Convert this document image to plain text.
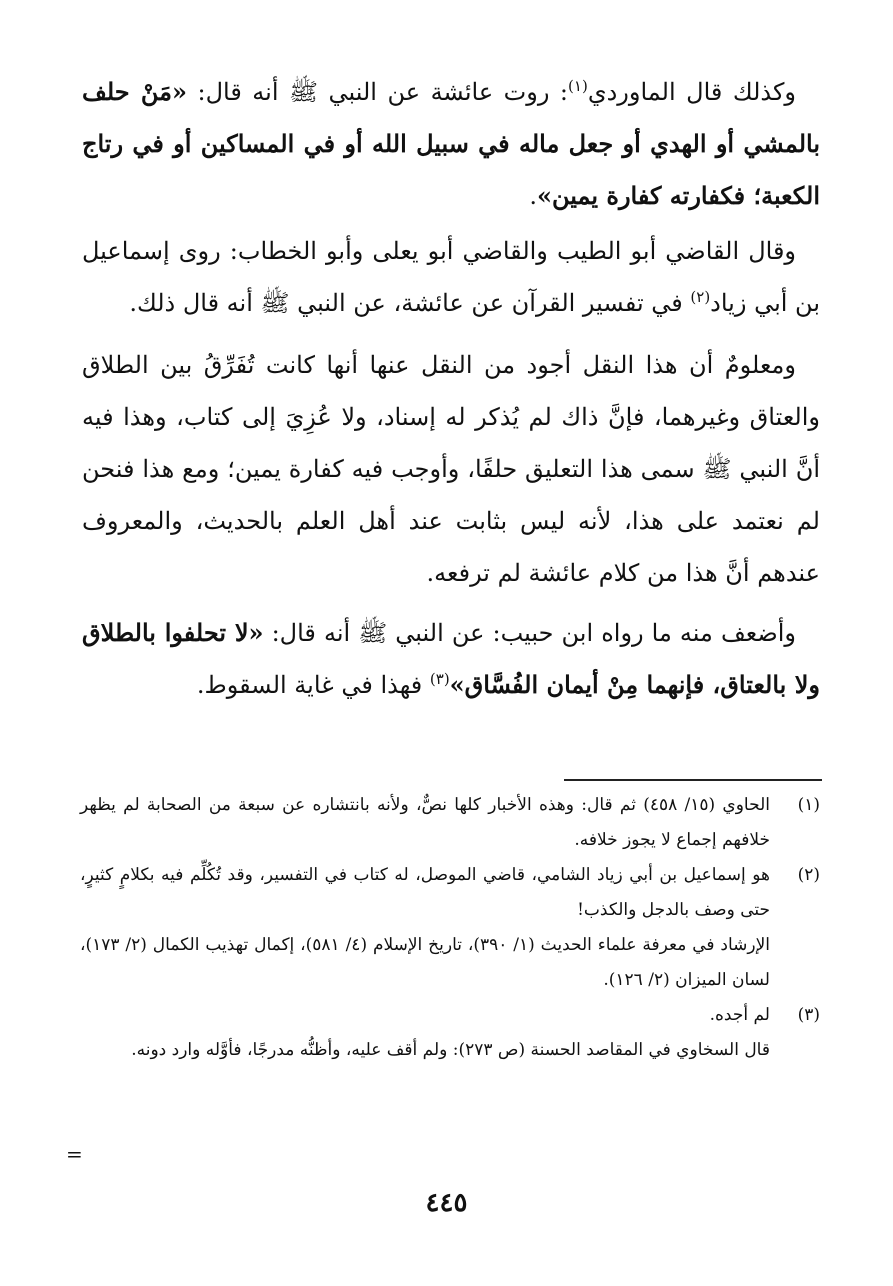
وكذلك قال الماوردي$^{(١)}$: روت عائشة عن النبي ﷺ أنه قال: «مَنْ حلف بالمشي أو الهدي أو جعل ماله في سبيل الله أو في المساكين أو في رتاج الكعبة؛ فكفارته كفارة يمين».

وقال القاضي أبو الطيب والقاضي أبو يعلى وأبو الخطاب: روى إسماعيل بن أبي زياد$^{(٢)}$ في تفسير القرآن عن عائشة، عن النبي ﷺ أنه قال ذلك.

ومعلومٌ أن هذا النقل أجود من النقل عنها أنها كانت تُفَرِّقُ بين الطلاق والعتاق وغيرهما، فإنَّ ذاك لم يُذكر له إسناد، ولا عُزِيَ إلى كتاب، وهذا فيه أنَّ النبي ﷺ سمى هذا التعليق حلفًا، وأوجب فيه كفارة يمين؛ ومع هذا فنحن لم نعتمد على هذا، لأنه ليس بثابت عند أهل العلم بالحديث، والمعروف عندهم أنَّ هذا من كلام عائشة لم ترفعه.

وأضعف منه ما رواه ابن حبيب: عن النبي ﷺ أنه قال: «لا تحلفوا بالطلاق ولا بالعتاق، فإنهما مِنْ أيمان الفُسَّاق»$^{(٣)}$ فهذا في غاية السقوط.

(١)

الحاوي (١٥/ ٤٥٨) ثم قال: وهذه الأخبار كلها نصٌّ، ولأنه بانتشاره عن سبعة من الصحابة لم يظهر خلافهم إجماع لا يجوز خلافه.

(٢)

هو إسماعيل بن أبي زياد الشامي، قاضي الموصل، له كتاب في التفسير، وقد تُكُلِّم فيه بكلامٍ كثيرٍ، حتى وصف بالدجل والكذب!

الإرشاد في معرفة علماء الحديث (١/ ٣٩٠)، تاريخ الإسلام (٤/ ٥٨١)، إكمال تهذيب الكمال (٢/ ١٧٣)، لسان الميزان (٢/ ١٢٦).

(٣)

لم أجده.

قال السخاوي في المقاصد الحسنة (ص ٢٧٣): ولم أقف عليه، وأظنُّه مدرجًا، فأوَّله وارد دونه.

=
٤٤٥
